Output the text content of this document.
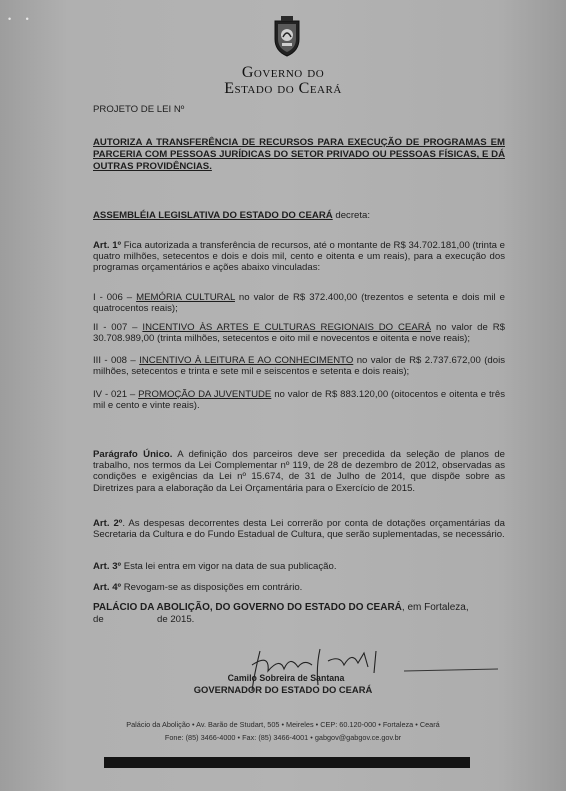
• •
Governo do
Estado do Ceará
PROJETO DE LEI Nº
AUTORIZA A TRANSFERÊNCIA DE RECURSOS PARA EXECUÇÃO DE PROGRAMAS EM PARCERIA COM PESSOAS JURÍDICAS DO SETOR PRIVADO OU PESSOAS FÍSICAS, E DÁ OUTRAS PROVIDÊNCIAS.
ASSEMBLÉIA LEGISLATIVA DO ESTADO DO CEARÁ decreta:
Art. 1º Fica autorizada a transferência de recursos, até o montante de R$ 34.702.181,00 (trinta e quatro milhões, setecentos e dois e dois mil, cento e oitenta e um reais), para a execução dos programas orçamentários e ações abaixo vinculadas:
I - 006 – MEMÓRIA CULTURAL no valor de R$ 372.400,00 (trezentos e setenta e dois mil e quatrocentos reais);
II - 007 – INCENTIVO ÀS ARTES E CULTURAS REGIONAIS DO CEARÁ no valor de R$ 30.708.989,00 (trinta milhões, setecentos e oito mil e novecentos e oitenta e nove reais);
III - 008 – INCENTIVO À LEITURA E AO CONHECIMENTO no valor de R$ 2.737.672,00 (dois milhões, setecentos e trinta e sete mil e seiscentos e setenta e dois reais);
IV - 021 – PROMOÇÃO DA JUVENTUDE no valor de R$ 883.120,00 (oitocentos e oitenta e três mil e cento e vinte reais).
Parágrafo Único. A definição dos parceiros deve ser precedida da seleção de planos de trabalho, nos termos da Lei Complementar nº 119, de 28 de dezembro de 2012, observadas as condições e exigências da Lei nº 15.674, de 31 de Julho de 2014, que dispõe sobre as Diretrizes para a elaboração da Lei Orçamentária para o Exercício de 2015.
Art. 2º. As despesas decorrentes desta Lei correrão por conta de dotações orçamentárias da Secretaria da Cultura e do Fundo Estadual de Cultura, que serão suplementadas, se necessário.
Art. 3º Esta lei entra em vigor na data de sua publicação.
Art. 4º Revogam-se as disposições em contrário.
PALÁCIO DA ABOLIÇÃO, DO GOVERNO DO ESTADO DO CEARÁ, em Fortaleza,
de                    de 2015.
Camilo Sobreira de Santana
GOVERNADOR DO ESTADO DO CEARÁ
Palácio da Abolição • Av. Barão de Studart, 505 • Meireles • CEP: 60.120-000 • Fortaleza • Ceará
Fone: (85) 3466-4000 • Fax: (85) 3466-4001 • gabgov@gabgov.ce.gov.br
